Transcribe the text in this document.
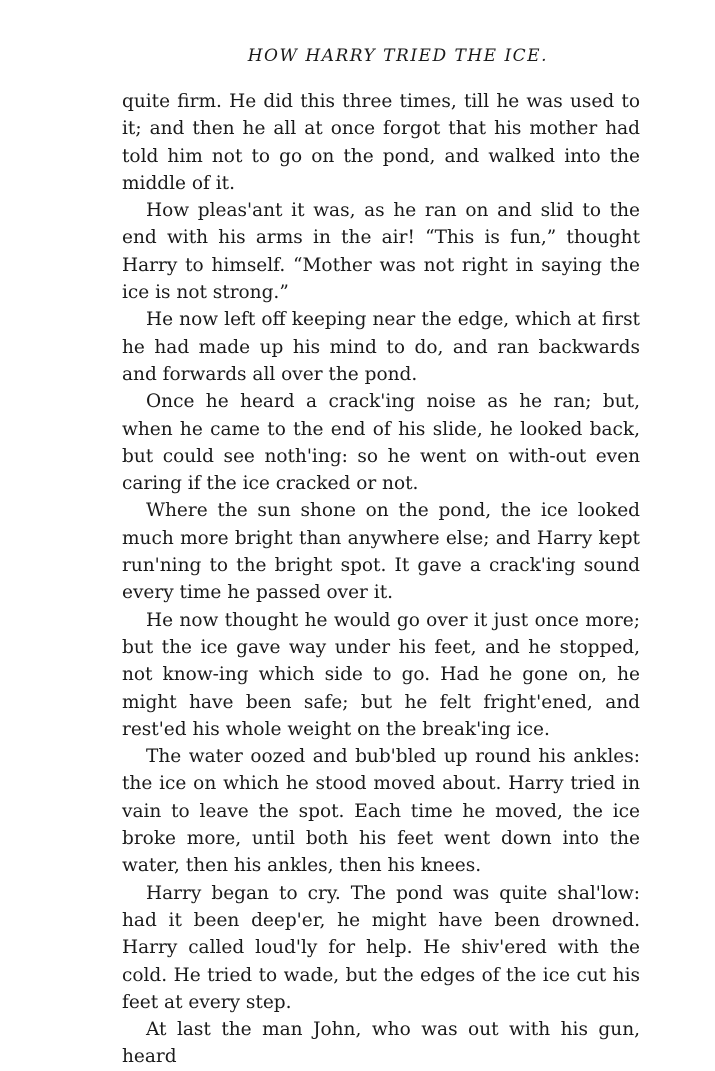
HOW HARRY TRIED THE ICE.

quite firm. He did this three times, till he was used to it; and then he all at once forgot that his mother had told him not to go on the pond, and walked into the middle of it.

How pleas'ant it was, as he ran on and slid to the end with his arms in the air! “This is fun,” thought Harry to himself. “Mother was not right in saying the ice is not strong.”

He now left off keeping near the edge, which at first he had made up his mind to do, and ran backwards and forwards all over the pond.

Once he heard a crack'ing noise as he ran; but, when he came to the end of his slide, he looked back, but could see noth'ing: so he went on with-out even caring if the ice cracked or not.

Where the sun shone on the pond, the ice looked much more bright than anywhere else; and Harry kept run'ning to the bright spot. It gave a crack'ing sound every time he passed over it.

He now thought he would go over it just once more; but the ice gave way under his feet, and he stopped, not know-ing which side to go. Had he gone on, he might have been safe; but he felt fright'ened, and rest'ed his whole weight on the break'ing ice.

The water oozed and bub'bled up round his ankles: the ice on which he stood moved about. Harry tried in vain to leave the spot. Each time he moved, the ice broke more, until both his feet went down into the water, then his ankles, then his knees.

Harry began to cry. The pond was quite shal'low: had it been deep'er, he might have been drowned. Harry called loud'ly for help. He shiv'ered with the cold. He tried to wade, but the edges of the ice cut his feet at every step.

At last the man John, who was out with his gun, heard
